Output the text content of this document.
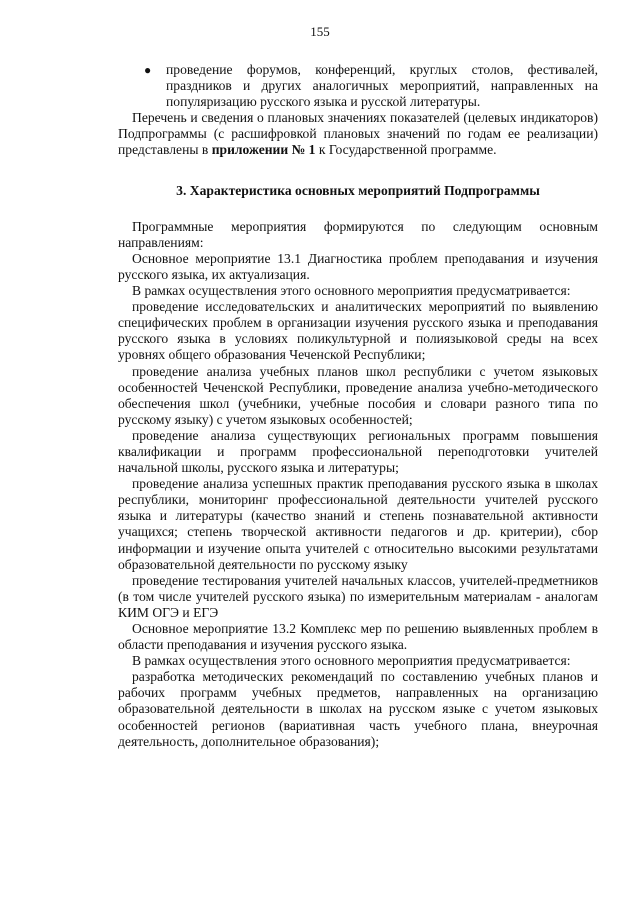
155
● проведение форумов, конференций, круглых столов, фестивалей, праздников и других аналогичных мероприятий, направленных на популяризацию русского языка и русской литературы.

Перечень и сведения о плановых значениях показателей (целевых индикаторов) Подпрограммы (с расшифровкой плановых значений по годам ее реализации) представлены в приложении № 1 к Государственной программе.

3. Характеристика основных мероприятий Подпрограммы

Программные мероприятия формируются по следующим основным направлениям:

Основное мероприятие 13.1 Диагностика проблем преподавания и изучения русского языка, их актуализация.

В рамках осуществления этого основного мероприятия предусматривается:

проведение исследовательских и аналитических мероприятий по выявлению специфических проблем в организации изучения русского языка и преподавания русского языка в условиях поликультурной и полиязыковой среды на всех уровнях общего образования Чеченской Республики;

проведение анализа учебных планов школ республики с учетом языковых особенностей Чеченской Республики, проведение анализа учебно-методического обеспечения школ (учебники, учебные пособия и словари разного типа по русскому языку) с учетом языковых особенностей;

проведение анализа существующих региональных программ повышения квалификации и программ профессиональной переподготовки учителей начальной школы, русского языка и литературы;

проведение анализа успешных практик преподавания русского языка в школах республики, мониторинг профессиональной деятельности учителей русского языка и литературы (качество знаний и степень познавательной активности учащихся; степень творческой активности педагогов и др. критерии), сбор информации и изучение опыта учителей с относительно высокими результатами образовательной деятельности по русскому языку

проведение тестирования учителей начальных классов, учителей-предметников (в том числе учителей русского языка) по измерительным материалам - аналогам КИМ ОГЭ и ЕГЭ

Основное мероприятие 13.2 Комплекс мер по решению выявленных проблем в области преподавания и изучения русского языка.

В рамках осуществления этого основного мероприятия предусматривается:

разработка методических рекомендаций по составлению учебных планов и рабочих программ учебных предметов, направленных на организацию образовательной деятельности в школах на русском языке с учетом языковых особенностей регионов (вариативная часть учебного плана, внеурочная деятельность, дополнительное образования);
